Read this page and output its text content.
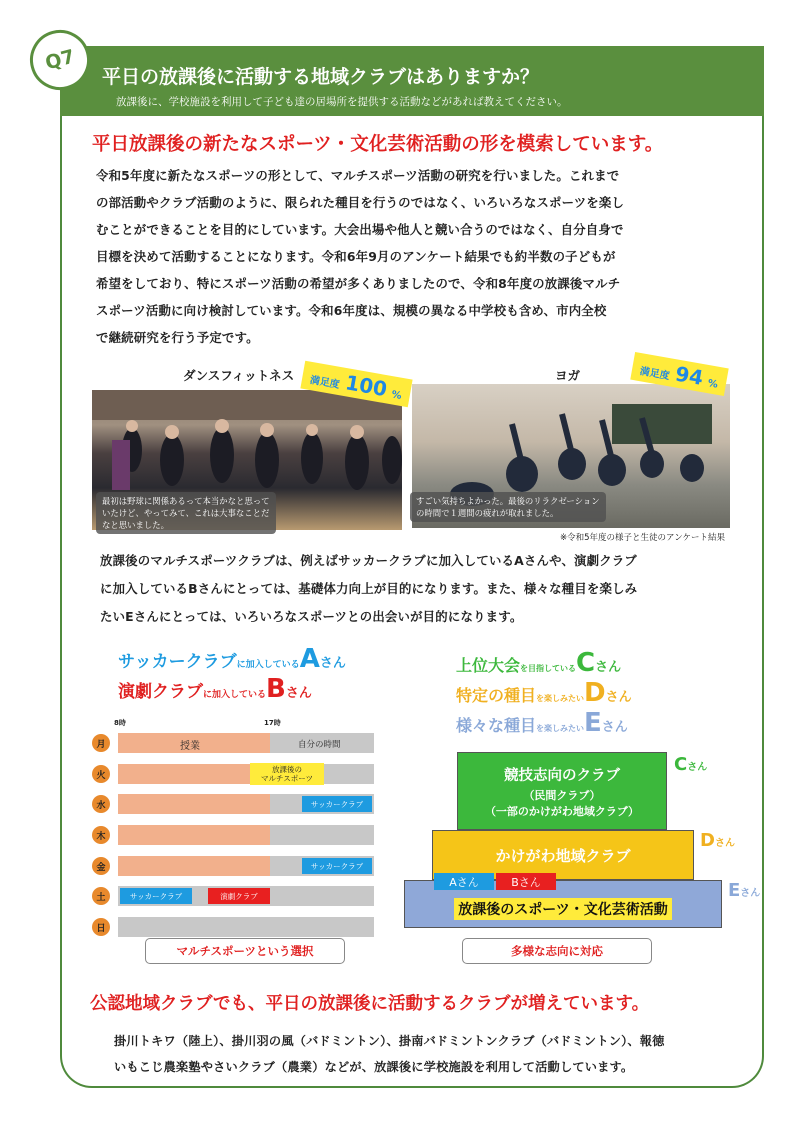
Q7
平日の放課後に活動する地域クラブはありますか？
放課後に、学校施設を利用して子ども達の居場所を提供する活動などがあれば教えてください。
平日放課後の新たなスポーツ・文化芸術活動の形を模索しています。
令和5年度に新たなスポーツの形として、マルチスポーツ活動の研究を行いました。これまで
の部活動やクラブ活動のように、限られた種目を行うのではなく、いろいろなスポーツを楽し
むことができることを目的にしています。大会出場や他人と競い合うのではなく、自分自身で
目標を決めて活動することになります。令和6年9月のアンケート結果でも約半数の子どもが
希望をしており、特にスポーツ活動の希望が多くありましたので、令和8年度の放課後マルチ
スポーツ活動に向け検討しています。令和6年度は、規模の異なる中学校も含め、市内全校
で継続研究を行う予定です。
ダンスフィットネス
最初は野球に関係あるって本当かなと思っていたけど、やってみて、これは大事なことだなと思いました。
満足度 100 %
ヨガ
すごい気持ちよかった。最後のリラクゼーションの時間で１週間の疲れが取れました。
満足度 94 %
※令和5年度の様子と生徒のアンケート結果
放課後のマルチスポーツクラブは、例えばサッカークラブに加入しているAさんや、演劇クラブ
に加入しているBさんにとっては、基礎体力向上が目的になります。また、様々な種目を楽しみ
たいEさんにとっては、いろいろなスポーツとの出会いが目的になります。
サッカークラブに加入しているAさん
演劇クラブに加入しているBさん
8時	17時
月	授業	自分の時間
火
放課後の
マルチスポーツ
水	サッカークラブ
木
金	サッカークラブ
土	サッカークラブ	演劇クラブ
日
マルチスポーツという選択
上位大会を目指しているCさん
特定の種目を楽しみたいDさん
様々な種目を楽しみたいEさん
競技志向のクラブ
（民間クラブ）
（一部のかけがわ地域クラブ）
Cさん
かけがわ地域クラブ
Dさん
放課後のスポーツ・文化芸術活動
Aさん	Bさん	Eさん
多様な志向に対応
公認地域クラブでも、平日の放課後に活動するクラブが増えています。
掛川トキワ（陸上）、掛川羽の風（バドミントン）、掛南バドミントンクラブ（バドミントン）、報徳
いもこじ農楽塾やさいクラブ（農業）などが、放課後に学校施設を利用して活動しています。
